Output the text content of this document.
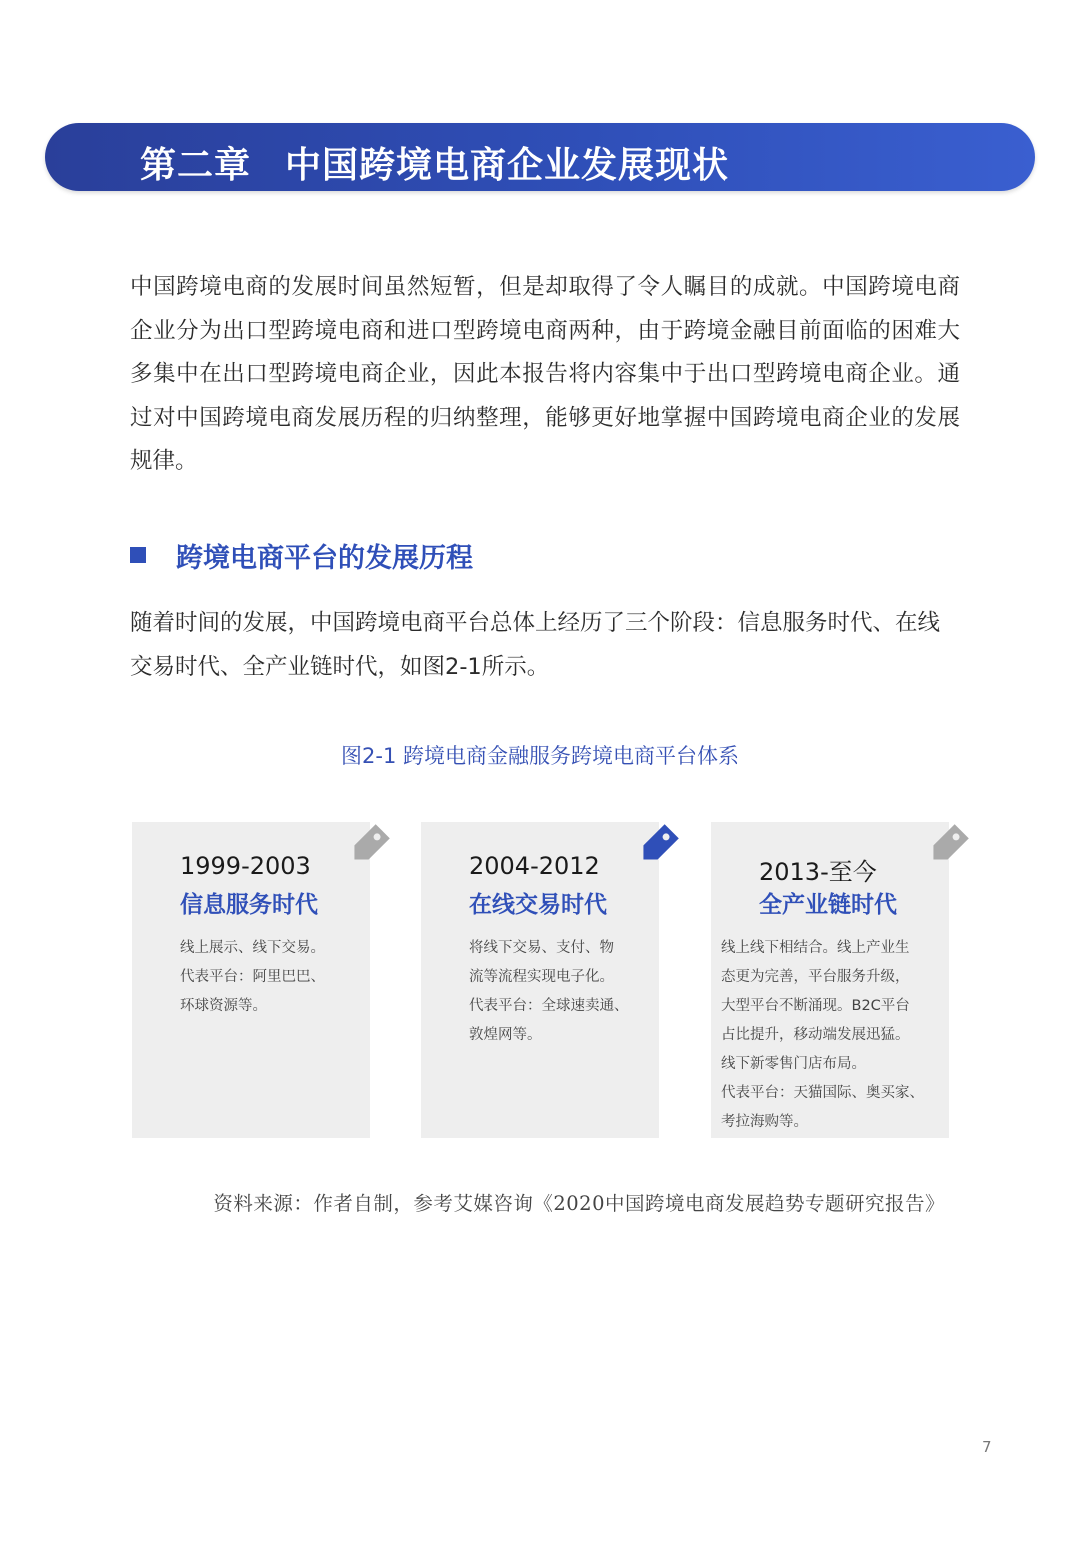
第二章 中国跨境电商企业发展现状

中国跨境电商的发展时间虽然短暂，但是却取得了令人瞩目的成就。中国跨境电商企业分为出口型跨境电商和进口型跨境电商两种，由于跨境金融目前面临的困难大多集中在出口型跨境电商企业，因此本报告将内容集中于出口型跨境电商企业。通过对中国跨境电商发展历程的归纳整理，能够更好地掌握中国跨境电商企业的发展规律。

跨境电商平台的发展历程

随着时间的发展，中国跨境电商平台总体上经历了三个阶段：信息服务时代、在线交易时代、全产业链时代，如图2-1所示。

图2-1 跨境电商金融服务跨境电商平台体系
1999-2003
信息服务时代
线上展示、线下交易。
代表平台：阿里巴巴、
环球资源等。
2004-2012
在线交易时代
将线下交易、支付、物
流等流程实现电子化。
代表平台：全球速卖通、
敦煌网等。
2013-至今
全产业链时代
线上线下相结合。线上产业生
态更为完善，平台服务升级，
大型平台不断涌现。B2C平台
占比提升，移动端发展迅猛。
线下新零售门店布局。
代表平台：天猫国际、奥买家、
考拉海购等。
资料来源：作者自制，参考艾媒咨询《2020中国跨境电商发展趋势专题研究报告》
7
